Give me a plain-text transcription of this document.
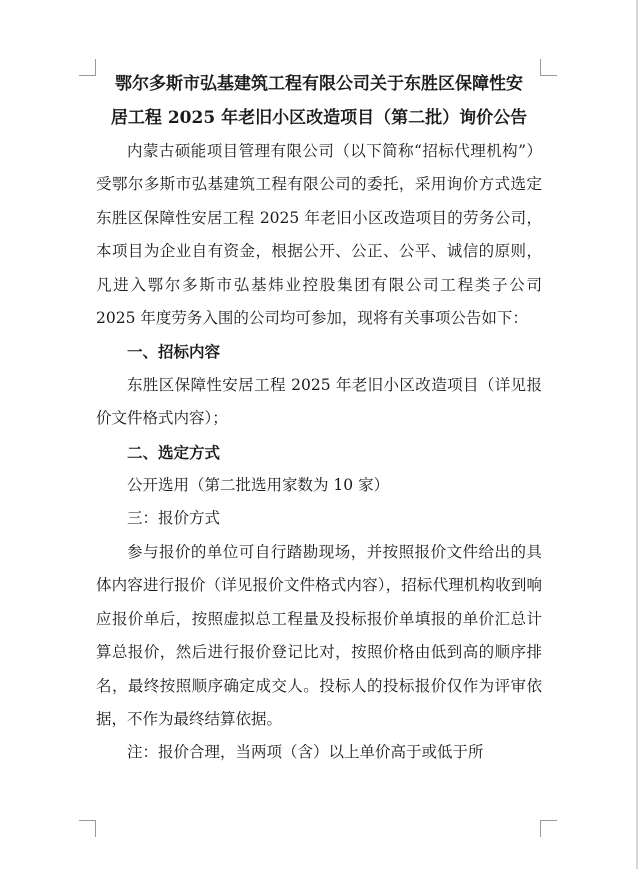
鄂尔多斯市弘基建筑工程有限公司关于东胜区保障性安
居工程 2025 年老旧小区改造项目（第二批）询价公告

内蒙古硕能项目管理有限公司（以下简称“招标代理机构”）受鄂尔多斯市弘基建筑工程有限公司的委托，采用询价方式选定东胜区保障性安居工程 2025 年老旧小区改造项目的劳务公司，本项目为企业自有资金，根据公开、公正、公平、诚信的原则，凡进入鄂尔多斯市弘基炜业控股集团有限公司工程类子公司 2025 年度劳务入围的公司均可参加，现将有关事项公告如下：

一、招标内容

东胜区保障性安居工程 2025 年老旧小区改造项目（详见报价文件格式内容）；

二、选定方式

公开选用（第二批选用家数为 10 家）

三：报价方式

参与报价的单位可自行踏勘现场，并按照报价文件给出的具体内容进行报价（详见报价文件格式内容），招标代理机构收到响应报价单后，按照虚拟总工程量及投标报价单填报的单价汇总计算总报价，然后进行报价登记比对，按照价格由低到高的顺序排名，最终按照顺序确定成交人。投标人的投标报价仅作为评审依据，不作为最终结算依据。

注：报价合理，当两项（含）以上单价高于或低于所
